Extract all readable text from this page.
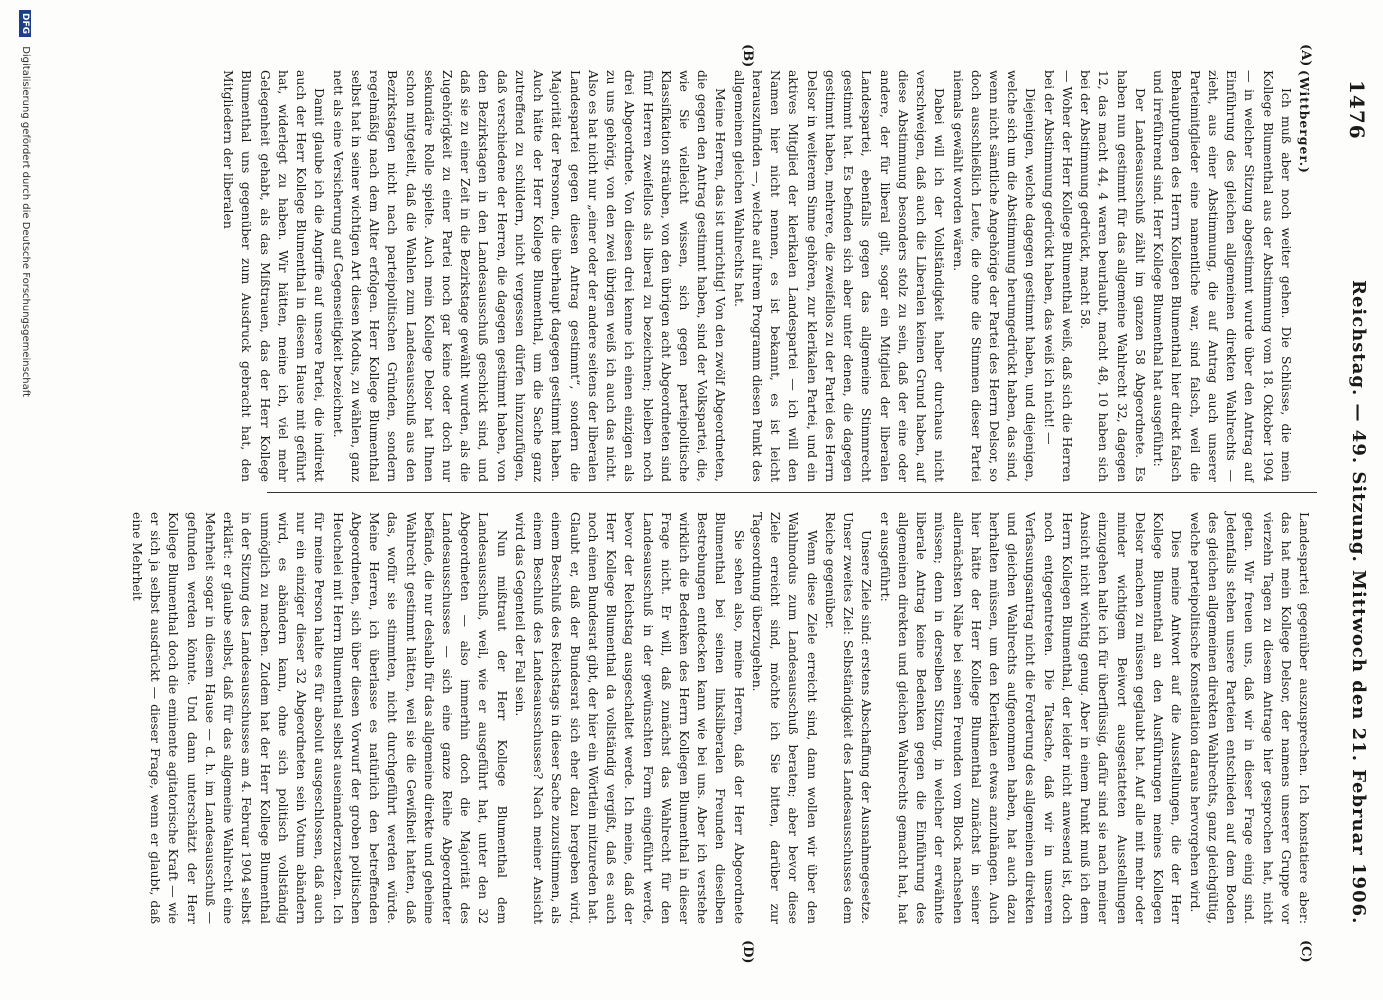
1476
Reichstag. — 49. Sitzung. Mittwoch den 21. Februar 1906.
(A)
(B)
(C)
(D)

(Wittberger.)

Ich muß aber noch weiter gehen. Die Schlüsse, die mein Kollege Blumenthal aus der Abstimmung vom 18. Oktober 1904 — in welcher Sitzung abgestimmt wurde über den Antrag auf Einführung des gleichen allgemeinen direkten Wahlrechts — zieht, aus einer Abstimmung, die auf Antrag auch unserer Parteimitglieder eine namentliche war, sind falsch, weil die Behauptungen des Herrn Kollegen Blumenthal hier direkt falsch und irreführend sind. Herr Kollege Blumenthal hat ausgeführt:

Der Landesausschuß zählt im ganzen 58 Abgeordnete. Es haben nun gestimmt für das allgemeine Wahlrecht 32, dagegen 12, das macht 44, 4 waren beurlaubt, macht 48, 10 haben sich bei der Abstimmung gedrückt, macht 58.

— Woher der Herr Kollege Blumenthal weiß, daß sich die Herren bei der Abstimmung gedrückt haben, das weiß ich nicht! —

Diejenigen, welche dagegen gestimmt haben, und diejenigen, welche sich um die Abstimmung herumgedrückt haben, das sind, wenn nicht sämtliche Angehörige der Partei des Herrn Delsor, so doch ausschließlich Leute, die ohne die Stimmen dieser Partei niemals gewählt worden wären.

Dabei will ich der Vollständigkeit halber durchaus nicht verschweigen, daß auch die Liberalen keinen Grund haben, auf diese Abstimmung besonders stolz zu sein, daß der eine oder andere, der für liberal gilt, sogar ein Mitglied der liberalen Landespartei, ebenfalls gegen das allgemeine Stimmrecht gestimmt hat. Es befinden sich aber unter denen, die dagegen gestimmt haben, mehrere, die zweifellos zu der Partei des Herrn Delsor in weiterem Sinne gehören, zur klerikalen Partei, und ein aktives Mitglied der klerikalen Landespartei — ich will den Namen hier nicht nennen, es ist bekannt, es ist leicht herauszufinden —, welche auf ihrem Programm diesen Punkt des allgemeinen gleichen Wahlrechts hat.

Meine Herren, das ist unrichtig! Von den zwölf Abgeordneten, die gegen den Antrag gestimmt haben, sind der Volkspartei, die, wie Sie vielleicht wissen, sich gegen parteipolitische Klassifikation sträuben, von den übrigen acht Abgeordneten sind fünf Herren zweifellos als liberal zu bezeichnen; bleiben noch drei Abgeordnete. Von diesen drei kenne ich einen einzigen als zu uns gehörig, von den zwei übrigen weiß ich auch das nicht. Also es hat nicht nur „einer oder der andere seitens der liberalen Landespartei gegen diesen Antrag gestimmt“, sondern die Majorität der Personen, die überhaupt dagegen gestimmt haben. Auch hätte der Herr Kollege Blumenthal, um die Sache ganz zutreffend zu schildern, nicht vergessen dürfen hinzuzufügen, daß verschiedene der Herren, die dagegen gestimmt haben, von den Bezirkstagen in den Landesausschuß geschickt sind, und daß sie zu einer Zeit in die Bezirkstage gewählt wurden, als die Zugehörigkeit zu einer Partei noch gar keine oder doch nur sekundäre Rolle spielte. Auch mein Kollege Delsor hat Ihnen schon mitgeteilt, daß die Wahlen zum Landesausschuß aus den Bezirkstagen nicht nach parteipolitischen Gründen, sondern regelmäßig nach dem Alter erfolgen. Herr Kollege Blumenthal selbst hat in seiner wichtigen Art diesen Modus, zu wählen, ganz nett als eine Versicherung auf Gegenseitigkeit bezeichnet.

Damit glaube ich die Angriffe auf unsere Partei, die indirekt auch der Herr Kollege Blumenthal in diesem Hause mit geführt hat, widerlegt zu haben. Wir hätten, meine ich, viel mehr Gelegenheit gehabt, als das Mißtrauen, das der Herr Kollege Blumenthal uns gegenüber zum Ausdruck gebracht hat, den Mitgliedern der liberalen

Landespartei gegenüber auszusprechen. Ich konstatiere aber: das hat mein Kollege Delsor, der namens unserer Gruppe vor vierzehn Tagen zu diesem Antrage hier gesprochen hat, nicht getan. Wir freuen uns, daß wir in dieser Frage einig sind. Jedenfalls stehen unsere Parteien entschieden auf dem Boden des gleichen allgemeinen direkten Wahlrechts, ganz gleichgültig, welche parteipolitische Konstellation daraus hervorgehen wird.

Dies meine Antwort auf die Ausstellungen, die der Herr Kollege Blumenthal an den Ausführungen meines Kollegen Delsor machen zu müssen geglaubt hat. Auf alle mit mehr oder minder wichtigem Beiwort ausgestatteten Ausstellungen einzugehen halte ich für überflüssig, dafür sind sie nach meiner Ansicht nicht wichtig genug. Aber in einem Punkt muß ich dem Herrn Kollegen Blumenthal, der leider nicht anwesend ist, doch noch entgegentreten. Die Tatsache, daß wir in unserem Verfassungsantrag nicht die Forderung des allgemeinen direkten und gleichen Wahlrechts aufgenommen haben, hat auch dazu herhalten müssen, um den Klerikalen etwas anzuhängen. Auch hier hätte der Herr Kollege Blumenthal zunächst in seiner allernächsten Nähe bei seinen Freunden vom Block nachsehen müssen; denn in derselben Sitzung, in welcher der erwähnte liberale Antrag keine Bedenken gegen die Einführung des allgemeinen direkten und gleichen Wahlrechts gemacht hat, hat er ausgeführt:

Unsere Ziele sind: erstens Abschaffung der Ausnahmegesetze. Unser zweites Ziel: Selbständigkeit des Landesausschusses dem Reiche gegenüber.

Wenn diese Ziele erreicht sind, dann wollen wir über den Wahlmodus zum Landesausschuß beraten; aber bevor diese Ziele erreicht sind, möchte ich Sie bitten, darüber zur Tagesordnung überzugehen.

Sie sehen also, meine Herren, daß der Herr Abgeordnete Blumenthal bei seinen linksliberalen Freunden dieselben Bestrebungen entdecken kann wie bei uns. Aber ich verstehe wirklich die Bedenken des Herrn Kollegen Blumenthal in dieser Frage nicht. Er will, daß zunächst das Wahlrecht für den Landesausschuß in der gewünschten Form eingeführt werde, bevor der Reichstag ausgeschaltet werde. Ich meine, daß der Herr Kollege Blumenthal da vollständig vergißt, daß es auch noch einen Bundesrat gibt, der hier ein Wörtlein mitzureden hat. Glaubt er, daß der Bundesrat sich eher dazu hergeben wird, einem Beschluß des Reichstags in dieser Sache zuzustimmen, als einem Beschluß des Landesausschusses? Nach meiner Ansicht wird das Gegenteil der Fall sein.

Nun mißtraut der Herr Kollege Blumenthal dem Landesausschuß, weil, wie er ausgeführt hat, unter den 32 Abgeordneten — also immerhin doch die Majorität des Landesausschusses — sich eine ganze Reihe Abgeordneter befände, die nur deshalb für das allgemeine direkte und geheime Wahlrecht gestimmt hätten, weil sie die Gewißheit hatten, daß das, wofür sie stimmten, nicht durchgeführt werden würde. Meine Herren, ich überlasse es natürlich den betreffenden Abgeordneten, sich über diesen Vorwurf der groben politischen Heuchelei mit Herrn Blumenthal selbst auseinanderzusetzen. Ich für meine Person halte es für absolut ausgeschlossen, daß auch nur ein einziger dieser 32 Abgeordneten sein Votum abändern wird, es abändern kann, ohne sich politisch vollständig unmöglich zu machen. Zudem hat der Herr Kollege Blumenthal in der Sitzung des Landesausschusses am 4. Februar 1904 selbst erklärt: er glaube selbst, daß für das allgemeine Wahlrecht eine Mehrheit sogar in diesem Hause — d. h. im Landesausschuß — gefunden werden könnte. Und dann unterschätzt der Herr Kollege Blumenthal doch die eminente agitatorische Kraft — wie er sich ja selbst ausdrückt — dieser Frage, wenn er glaubt, daß eine Mehrheit

DFG Digitalisierung gefördert durch die Deutsche Forschungsgemeinschaft
